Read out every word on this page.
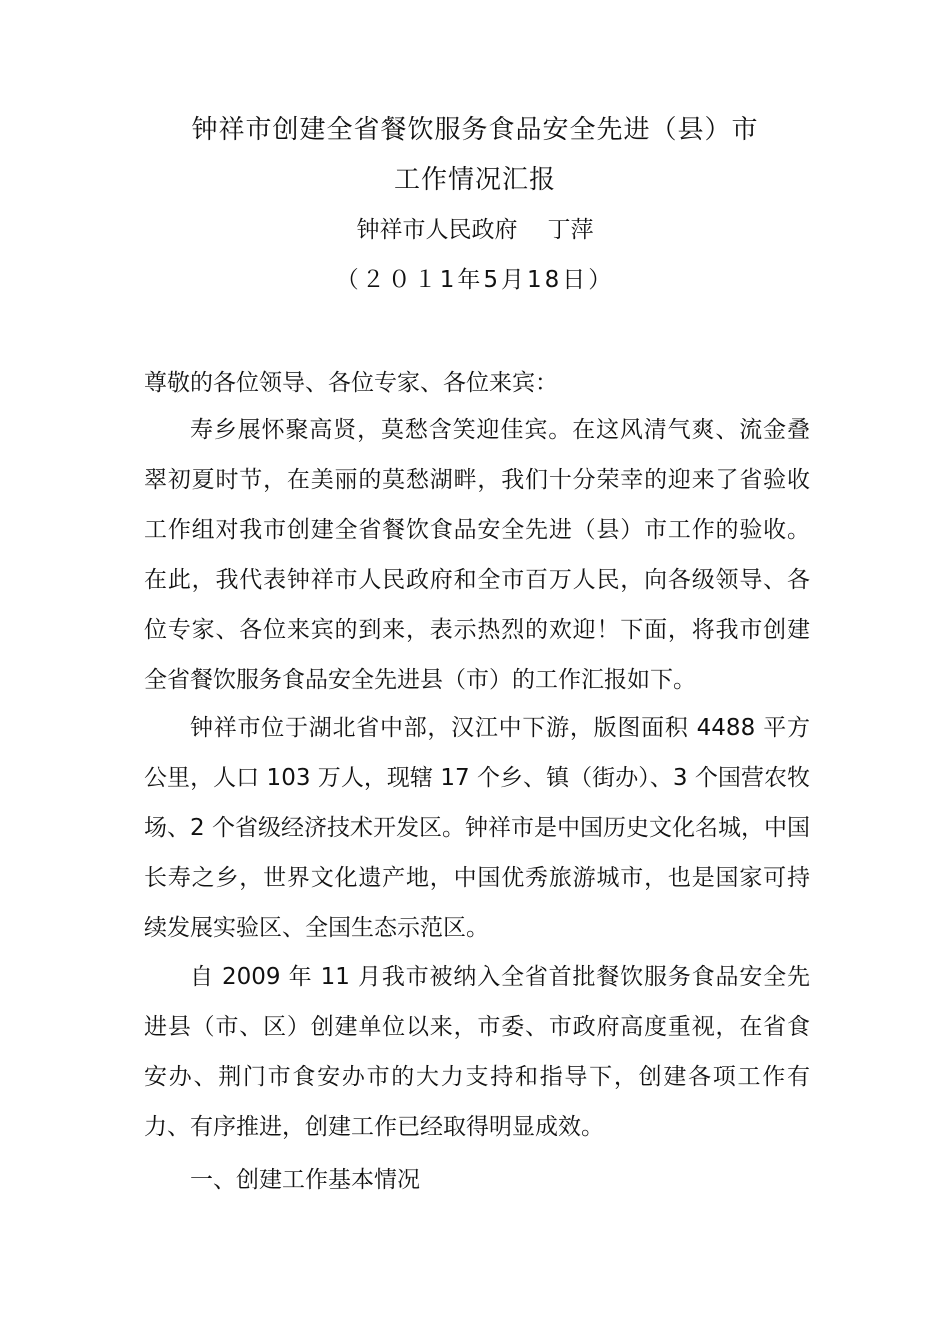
钟祥市创建全省餐饮服务食品安全先进（县）市
工作情况汇报
钟祥市人民政府 丁萍
（２０１1年5月18日）

尊敬的各位领导、各位专家、各位来宾：

寿乡展怀聚高贤，莫愁含笑迎佳宾。在这风清气爽、流金叠翠初夏时节，在美丽的莫愁湖畔，我们十分荣幸的迎来了省验收工作组对我市创建全省餐饮食品安全先进（县）市工作的验收。在此，我代表钟祥市人民政府和全市百万人民，向各级领导、各位专家、各位来宾的到来，表示热烈的欢迎！下面，将我市创建全省餐饮服务食品安全先进县（市）的工作汇报如下。

钟祥市位于湖北省中部，汉江中下游，版图面积 4488 平方公里，人口 103 万人，现辖 17 个乡、镇（街办）、3 个国营农牧场、2 个省级经济技术开发区。钟祥市是中国历史文化名城，中国长寿之乡，世界文化遗产地，中国优秀旅游城市，也是国家可持续发展实验区、全国生态示范区。

自 2009 年 11 月我市被纳入全省首批餐饮服务食品安全先进县（市、区）创建单位以来，市委、市政府高度重视，在省食安办、荆门市食安办市的大力支持和指导下，创建各项工作有力、有序推进，创建工作已经取得明显成效。

一、创建工作基本情况
